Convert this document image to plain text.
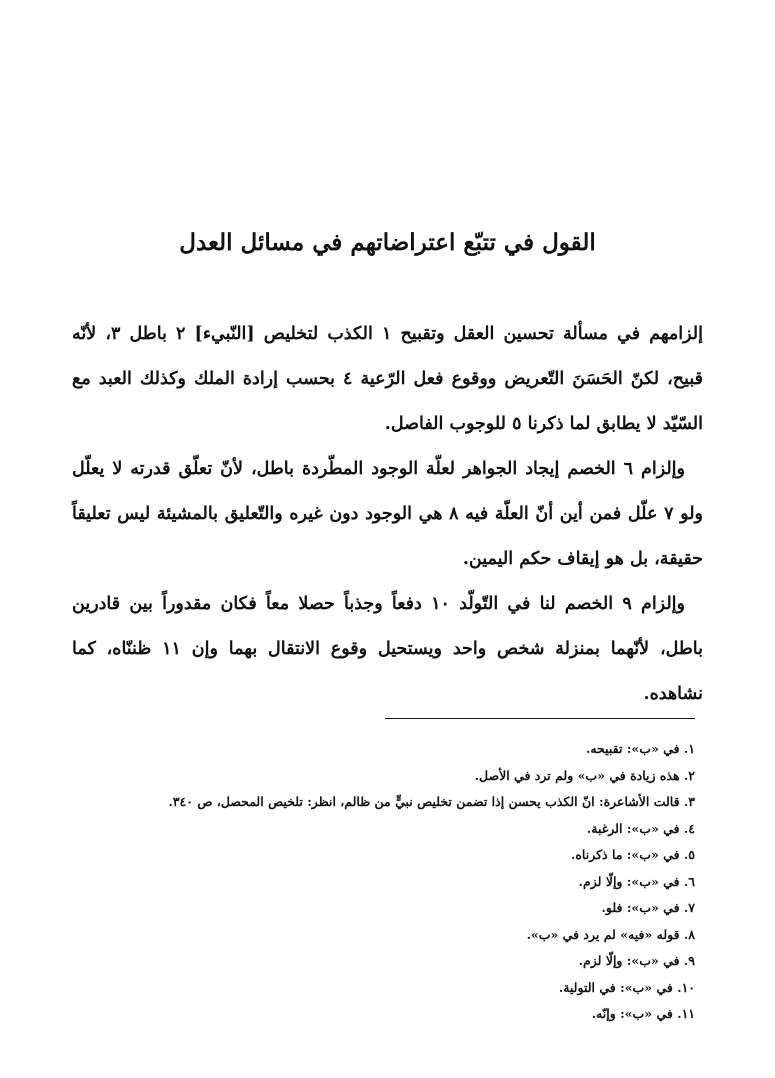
القول في تتبّع اعتراضاتهم في مسائل العدل

إلزامهم في مسألة تحسين العقل وتقبيح ١ الكذب لتخليص [النّبيء] ٢ باطل ٣، لأنّه قبيح، لكنّ الحَسَنَ التّعريض ووقوع فعل الرّعية ٤ بحسب إرادة الملك وكذلك العبد مع السّيّد لا يطابق لما ذكرنا ٥ للوجوب الفاصل.

وإلزام ٦ الخصم إيجاد الجواهر لعلّة الوجود المطّردة باطل، لأنّ تعلّق قدرته لا يعلّل ولو ٧ علّل فمن أين أنّ العلّة فيه ٨ هي الوجود دون غيره والتّعليق بالمشيئة ليس تعليقاً حقيقة، بل هو إيقاف حكم اليمين.

وإلزام ٩ الخصم لنا في التّولّد ١٠ دفعاً وجذباً حصلا معاً فكان مقدوراً بين قادرين باطل، لأنّهما بمنزلة شخص واحد ويستحيل وقوع الانتقال بهما وإن ١١ ظننّاه، كما نشاهده.

١. في «ب»: تقبيحه.
٢. هذه زيادة في «ب» ولم ترد في الأصل.
٣. قالت الأشاعرة: انّ الكذب يحسن إذا تضمن تخليص نبيٍّ من ظالم، انظر: تلخيص المحصل، ص ٣٤٠.
٤. في «ب»: الرغبة.
٥. في «ب»: ما ذكرناه.
٦. في «ب»: وإلّا لزم.
٧. في «ب»: فلو.
٨. قوله «فيه» لم يرد في «ب».
٩. في «ب»: وإلّا لزم.
١٠. في «ب»: في التولية.
١١. في «ب»: وإنّه.
